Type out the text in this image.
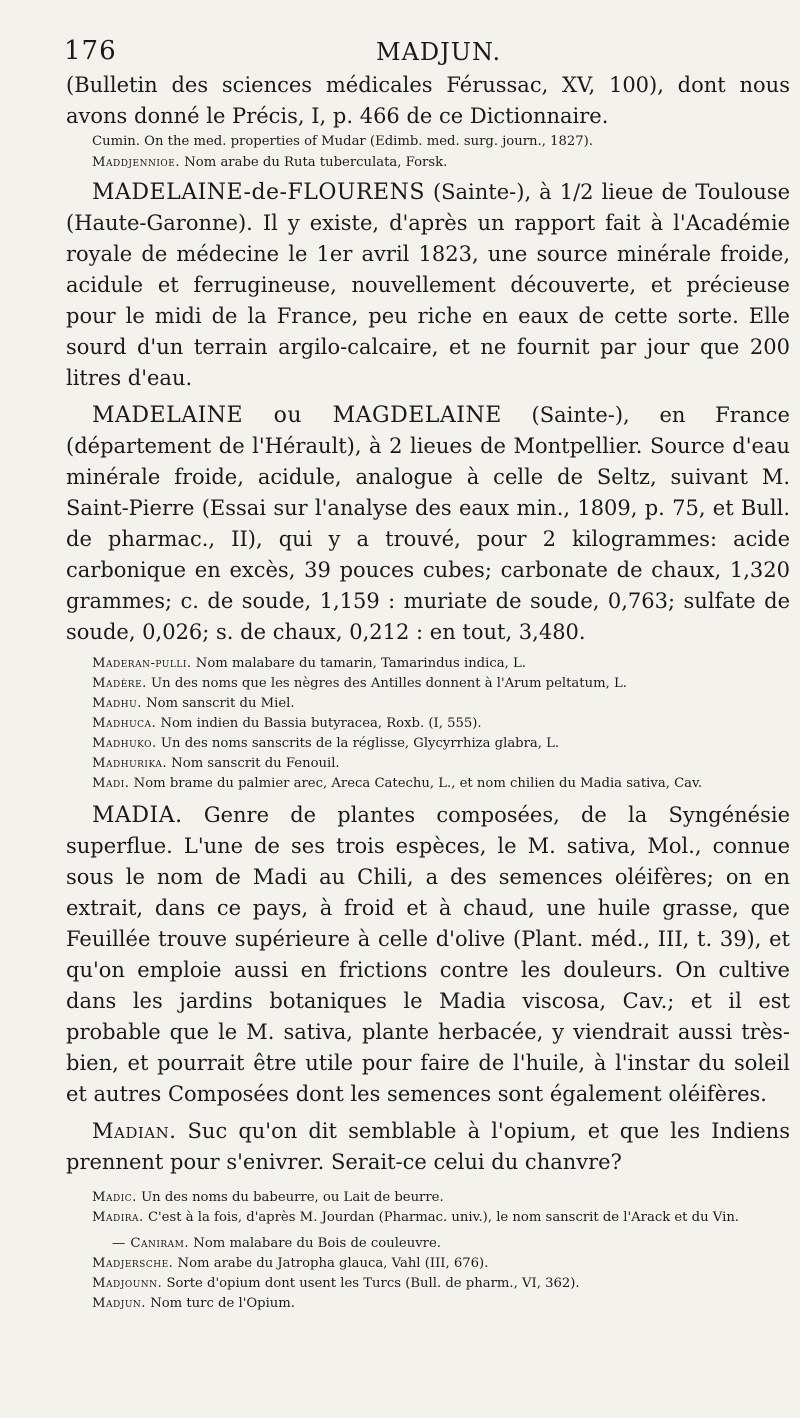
176	MADJUN.

(Bulletin des sciences médicales Férussac, XV, 100), dont nous avons donné le Précis, I, p. 466 de ce Dictionnaire.

Cumin. On the med. properties of Mudar (Edimb. med. surg. journ., 1827).

Maddjennioe. Nom arabe du Ruta tuberculata, Forsk.

MADELAINE-de-FLOURENS (Sainte-), à 1/2 lieue de Toulouse (Haute-Garonne). Il y existe, d'après un rapport fait à l'Académie royale de médecine le 1er avril 1823, une source minérale froide, acidule et ferrugineuse, nouvellement découverte, et précieuse pour le midi de la France, peu riche en eaux de cette sorte. Elle sourd d'un terrain argilo-calcaire, et ne fournit par jour que 200 litres d'eau.

MADELAINE ou MAGDELAINE (Sainte-), en France (département de l'Hérault), à 2 lieues de Montpellier. Source d'eau minérale froide, acidule, analogue à celle de Seltz, suivant M. Saint-Pierre (Essai sur l'analyse des eaux min., 1809, p. 75, et Bull. de pharmac., II), qui y a trouvé, pour 2 kilogrammes: acide carbonique en excès, 39 pouces cubes; carbonate de chaux, 1,320 grammes; c. de soude, 1,159 : muriate de soude, 0,763; sulfate de soude, 0,026; s. de chaux, 0,212 : en tout, 3,480.

Maderan-pulli. Nom malabare du tamarin, Tamarindus indica, L.

Madère. Un des noms que les nègres des Antilles donnent à l'Arum peltatum, L.

Madhu. Nom sanscrit du Miel.

Madhuca. Nom indien du Bassia butyracea, Roxb. (I, 555).

Madhuko. Un des noms sanscrits de la réglisse, Glycyrrhiza glabra, L.

Madhurika. Nom sanscrit du Fenouil.

Madi. Nom brame du palmier arec, Areca Catechu, L., et nom chilien du Madia sativa, Cav.

MADIA. Genre de plantes composées, de la Syngénésie superflue. L'une de ses trois espèces, le M. sativa, Mol., connue sous le nom de Madi au Chili, a des semences oléifères; on en extrait, dans ce pays, à froid et à chaud, une huile grasse, que Feuillée trouve supérieure à celle d'olive (Plant. méd., III, t. 39), et qu'on emploie aussi en frictions contre les douleurs. On cultive dans les jardins botaniques le Madia viscosa, Cav.; et il est probable que le M. sativa, plante herbacée, y viendrait aussi très-bien, et pourrait être utile pour faire de l'huile, à l'instar du soleil et autres Composées dont les semences sont également oléifères.

Madian. Suc qu'on dit semblable à l'opium, et que les Indiens prennent pour s'enivrer. Serait-ce celui du chanvre?

Madic. Un des noms du babeurre, ou Lait de beurre.

Madira. C'est à la fois, d'après M. Jourdan (Pharmac. univ.), le nom sanscrit de l'Arack et du Vin.

— Caniram. Nom malabare du Bois de couleuvre.

Madjersche. Nom arabe du Jatropha glauca, Vahl (III, 676).

Madjounn. Sorte d'opium dont usent les Turcs (Bull. de pharm., VI, 362).

Madjun. Nom turc de l'Opium.
